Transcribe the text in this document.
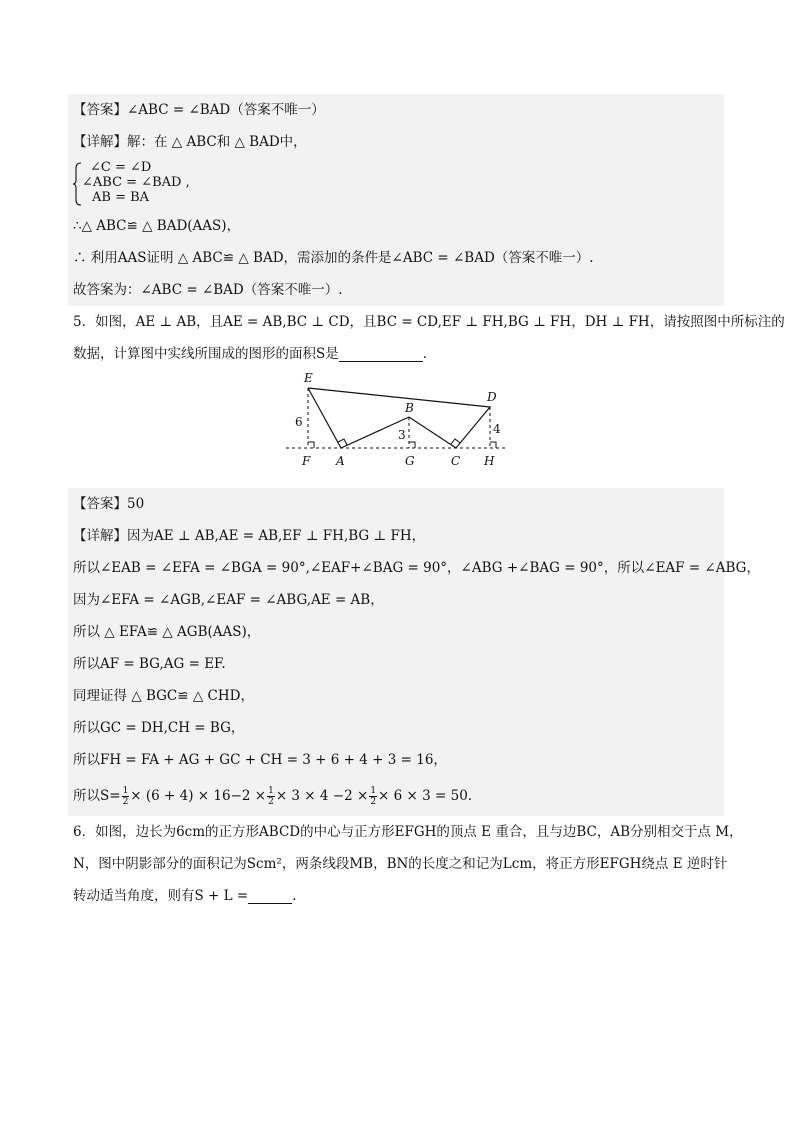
【答案】∠ABC = ∠BAD（答案不唯一）
【详解】解：在 △ ABC和 △ BAD中，
∠C = ∠D
∠ABC = ∠BAD ,
AB = BA
∴△ ABC≌ △ BAD(AAS)，
∴ 利用AAS证明 △ ABC≌ △ BAD，需添加的条件是∠ABC = ∠BAD（答案不唯一）.
故答案为：∠ABC = ∠BAD（答案不唯一）.
5．如图，AE ⊥ AB，且AE = AB,BC ⊥ CD，且BC = CD,EF ⊥ FH,BG ⊥ FH，DH ⊥ FH，请按照图中所标注的
数据，计算图中实线所围成的图形的面积S是	．
E
D
B
F A	G	C H
6
3	4
【答案】50
【详解】因为AE ⊥ AB,AE = AB,EF ⊥ FH,BG ⊥ FH，
所以∠EAB = ∠EFA = ∠BGA = 90°,∠EAF+∠BAG = 90°，∠ABG +∠BAG = 90°，所以∠EAF = ∠ABG，
因为∠EFA = ∠AGB,∠EAF = ∠ABG,AE = AB，
所以 △ EFA≌ △ AGB(AAS)，
所以AF = BG,AG = EF.
同理证得 △ BGC≌ △ CHD，
所以GC = DH,CH = BG，
所以FH = FA + AG + GC + CH = 3 + 6 + 4 + 3 = 16，
所以$S= \frac{1}{2} \times (6 + 4) \times 16-2 \times \frac{1}{2} \times 3 \times 4 -2 \times \frac{1}{2} \times 6 \times 3 = 50$.
6．如图，边长为6cm的正方形ABCD的中心与正方形EFGH的顶点 E 重合，且与边BC，AB分别相交于点 M，
N，图中阴影部分的面积记为Scm²，两条线段MB，BN的长度之和记为Lcm，将正方形EFGH绕点 E 逆时针
转动适当角度，则有S + L =	.
